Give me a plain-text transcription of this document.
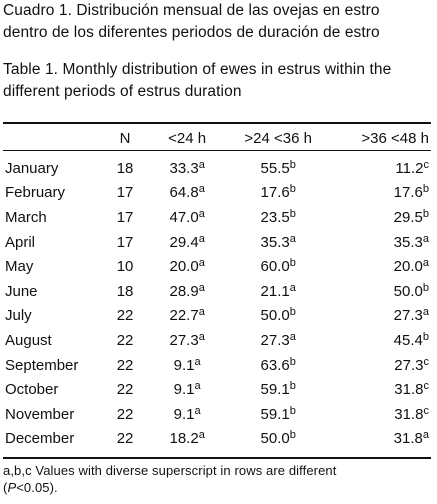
Cuadro 1. Distribución mensual de las ovejas en estro
dentro de los diferentes periodos de duración de estro
Table 1. Monthly distribution of ewes in estrus within the
different periods of estrus duration
	N	<24 h	>24 <36 h	>36 <48 h
January	18	33.3$^a$	55.5$^b$	11.2$^c$
February	17	64.8$^a$	17.6$^b$	17.6$^b$
March	17	47.0$^a$	23.5$^b$	29.5$^b$
April	17	29.4$^a$	35.3$^a$	35.3$^a$
May	10	20.0$^a$	60.0$^b$	20.0$^a$
June	18	28.9$^a$	21.1$^a$	50.0$^b$
July	22	22.7$^a$	50.0$^b$	27.3$^a$
August	22	27.3$^a$	27.3$^a$	45.4$^b$
September	22	9.1$^a$	63.6$^b$	27.3$^c$
October	22	9.1$^a$	59.1$^b$	31.8$^c$
November	22	9.1$^a$	59.1$^b$	31.8$^c$
December	22	18.2$^a$	50.0$^b$	31.8$^a$
a,b,c Values with diverse superscript in rows are different
(P<0.05).
